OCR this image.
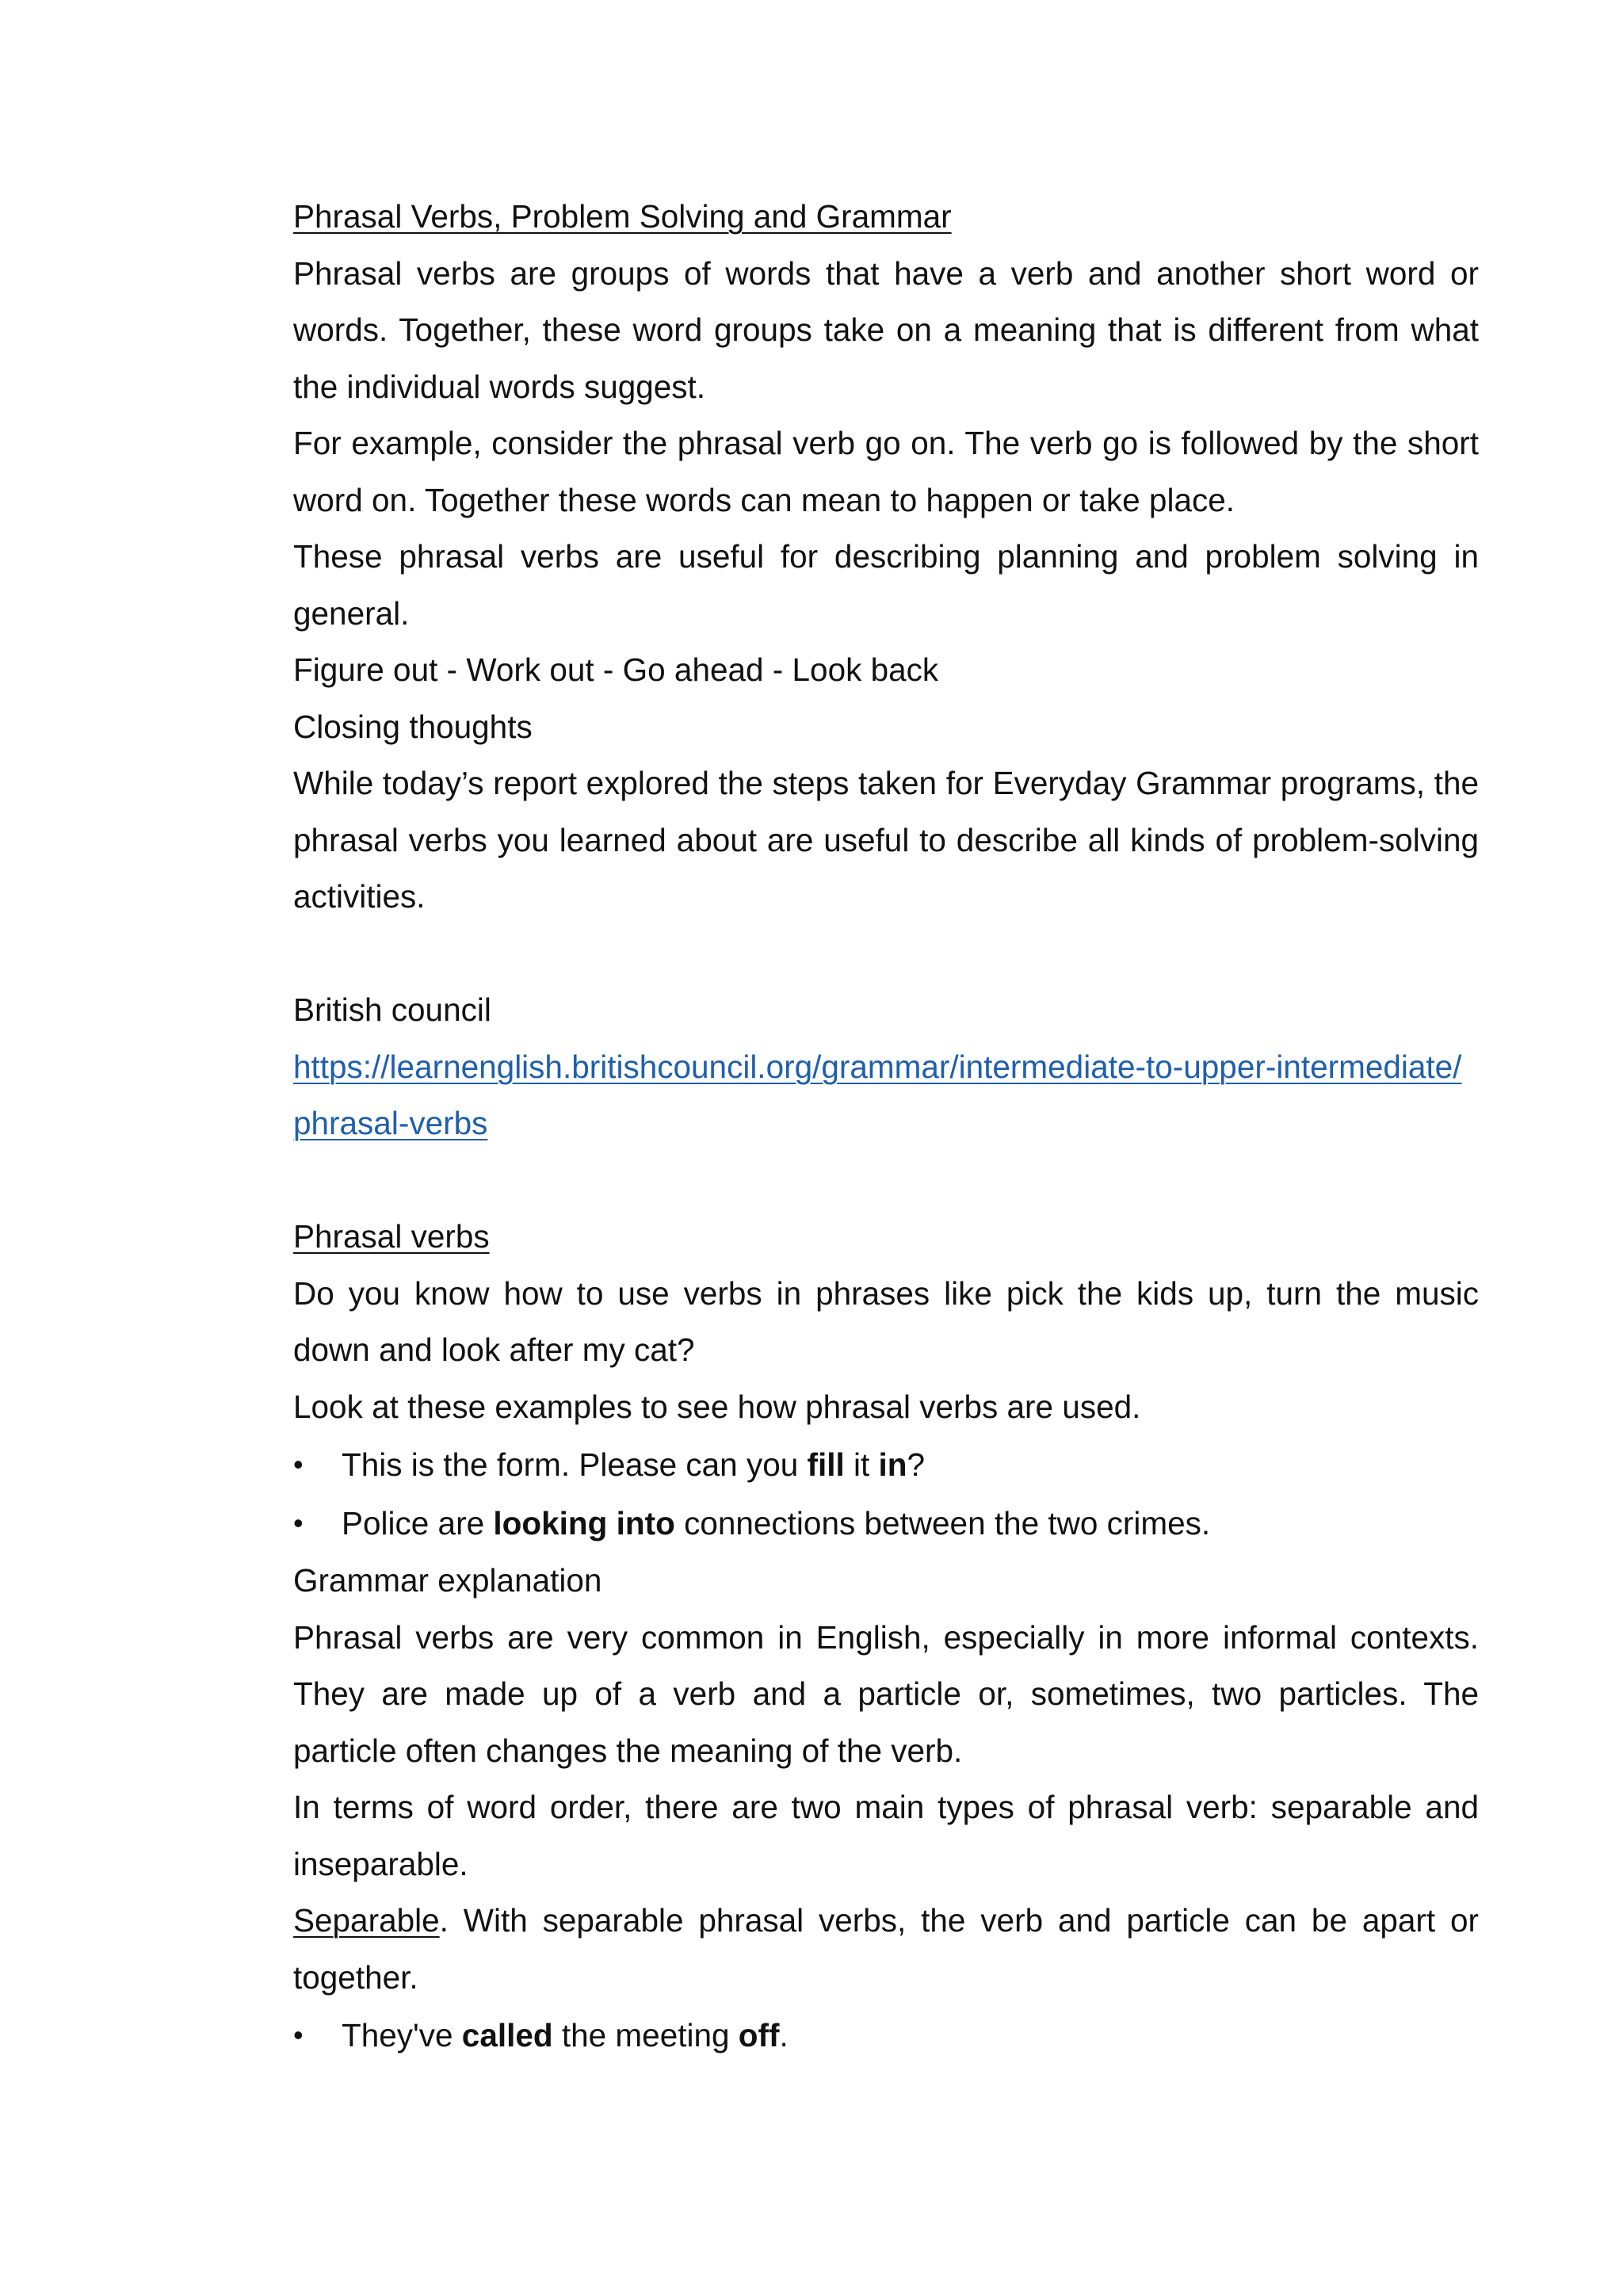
Phrasal Verbs, Problem Solving and Grammar

Phrasal verbs are groups of words that have a verb and another short word or words. Together, these word groups take on a meaning that is different from what the individual words suggest.

For example, consider the phrasal verb go on. The verb go is followed by the short word on. Together these words can mean to happen or take place.

These phrasal verbs are useful for describing planning and problem solving in general.

Figure out - Work out - Go ahead - Look back

Closing thoughts

While today’s report explored the steps taken for Everyday Grammar programs, the phrasal verbs you learned about are useful to describe all kinds of problem-solving activities.

British council

https://learnenglish.britishcouncil.org/grammar/intermediate-to-upper-intermediate/phrasal-verbs

Phrasal verbs

Do you know how to use verbs in phrases like pick the kids up, turn the music down and look after my cat?

Look at these examples to see how phrasal verbs are used.

• This is the form. Please can you fill it in?
• Police are looking into connections between the two crimes.

Grammar explanation

Phrasal verbs are very common in English, especially in more informal contexts. They are made up of a verb and a particle or, sometimes, two particles. The particle often changes the meaning of the verb.

In terms of word order, there are two main types of phrasal verb: separable and inseparable.

Separable. With separable phrasal verbs, the verb and particle can be apart or together.

• They've called the meeting off.
